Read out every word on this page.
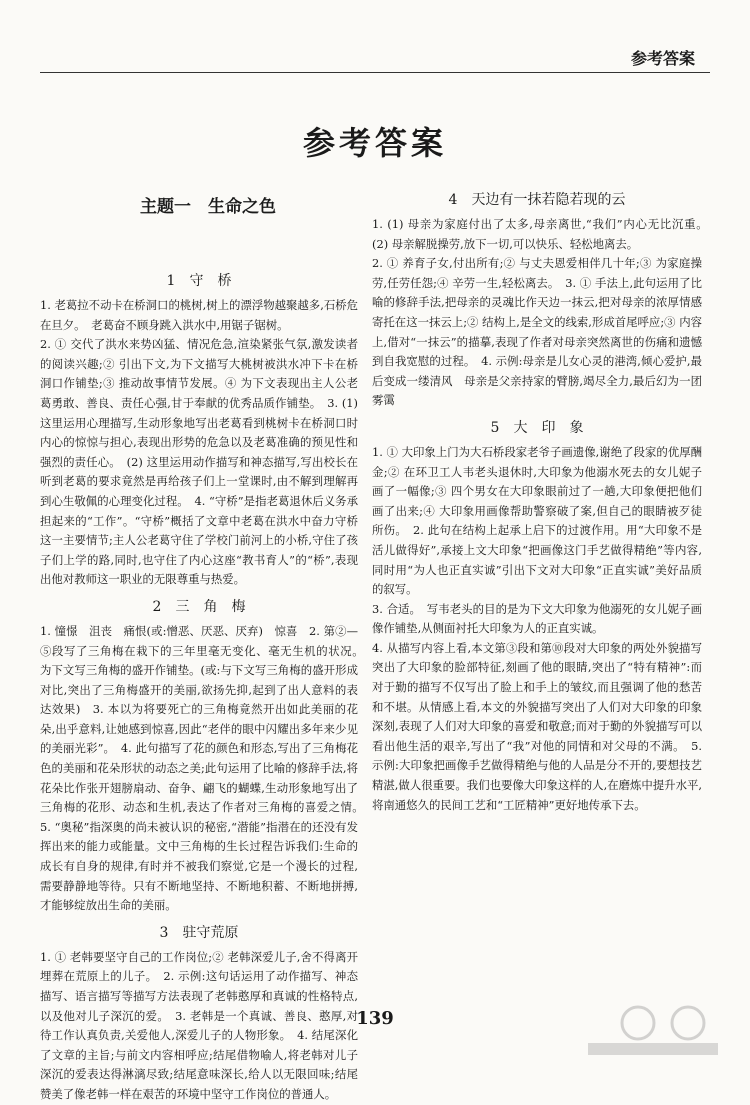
参考答案
参考答案
主题一　生命之色
1 守　桥

1. 老葛拉不动卡在桥洞口的桃树,树上的漂浮物越聚越多,石桥危在旦夕。　老葛奋不顾身跳入洪水中,用锯子锯树。

2. ① 交代了洪水来势凶猛、情况危急,渲染紧张气氛,激发读者的阅读兴趣;② 引出下文,为下文描写大桃树被洪水冲下卡在桥洞口作铺垫;③ 推动故事情节发展。④ 为下文表现出主人公老葛勇敢、善良、责任心强,甘于奉献的优秀品质作铺垫。　3. (1) 这里运用心理描写,生动形象地写出老葛看到桃树卡在桥洞口时内心的惊惊与担心,表现出形势的危急以及老葛准确的预见性和强烈的责任心。　(2) 这里运用动作描写和神态描写,写出校长在听到老葛的要求竟然是再给孩子们上一堂课时,由不解到理解再到心生敬佩的心理变化过程。　4. “守桥”是指老葛退休后义务承担起来的“工作”。“守桥”概括了文章中老葛在洪水中奋力守桥这一主要情节;主人公老葛守住了学校门前河上的小桥,守住了孩子们上学的路,同时,也守住了内心这座“教书育人”的“桥”,表现出他对教师这一职业的无限尊重与热爱。

2 三　角　梅

1. 憧憬　沮丧　痛恨(或:憎恶、厌恶、厌弃)　惊喜　2. 第②—⑤段写了三角梅在栽下的三年里毫无变化、毫无生机的状况。　为下文写三角梅的盛开作铺垫。(或:与下文写三角梅的盛开形成对比,突出了三角梅盛开的美丽,欲扬先抑,起到了出人意料的表达效果)　3. 本以为将要死亡的三角梅竟然开出如此美丽的花朵,出乎意料,让她感到惊喜,因此“老伴的眼中闪耀出多年来少见的美丽光彩”。　4. 此句描写了花的颜色和形态,写出了三角梅花色的美丽和花朵形状的动态之美;此句运用了比喻的修辞手法,将花朵比作张开翅膀扇动、奋争、翩飞的蝴蝶,生动形象地写出了三角梅的花形、动态和生机,表达了作者对三角梅的喜爱之情。　5. “奥秘”指深奥的尚未被认识的秘密,“潜能”指潜在的还没有发挥出来的能力或能量。文中三角梅的生长过程告诉我们:生命的成长有自身的规律,有时并不被我们察觉,它是一个漫长的过程,需要静静地等待。只有不断地坚持、不断地积蓄、不断地拼搏,才能够绽放出生命的美丽。

3 驻守荒原

1. ① 老韩要坚守自己的工作岗位;② 老韩深爱儿子,舍不得离开埋葬在荒原上的儿子。　2. 示例:这句话运用了动作描写、神态描写、语言描写等描写方法表现了老韩憨厚和真诚的性格特点,以及他对儿子深沉的爱。　3. 老韩是一个真诚、善良、憨厚,对待工作认真负责,关爱他人,深爱儿子的人物形象。　4. 结尾深化了文章的主旨;与前文内容相呼应;结尾借物喻人,将老韩对儿子深沉的爱表达得淋漓尽致;结尾意味深长,给人以无限回味;结尾赞美了像老韩一样在艰苦的环境中坚守工作岗位的普通人。

4 天边有一抹若隐若现的云

1. (1) 母亲为家庭付出了太多,母亲离世,“我们”内心无比沉重。　(2) 母亲解脱操劳,放下一切,可以快乐、轻松地离去。

2. ① 养育子女,付出所有;② 与丈夫恩爱相伴几十年;③ 为家庭操劳,任劳任怨;④ 辛劳一生,轻松离去。　3. ① 手法上,此句运用了比喻的修辞手法,把母亲的灵魂比作天边一抹云,把对母亲的浓厚情感寄托在这一抹云上;② 结构上,是全文的线索,形成首尾呼应;③ 内容上,借对“一抹云”的描摹,表现了作者对母亲突然离世的伤痛和遗憾到自我宽慰的过程。　4. 示例:母亲是儿女心灵的港湾,倾心爱护,最后变成一缕清风　母亲是父亲持家的臂膀,竭尽全力,最后幻为一团雾霭

5 大　印　象

1. ① 大印象上门为大石桥段家老爷子画遗像,谢绝了段家的优厚酬金;② 在环卫工人韦老头退休时,大印象为他溺水死去的女儿妮子画了一幅像;③ 四个男女在大印象眼前过了一趟,大印象便把他们画了出来;④ 大印象用画像帮助警察破了案,但自己的眼睛被歹徒所伤。　2. 此句在结构上起承上启下的过渡作用。用“大印象不是活儿做得好”,承接上文大印象“把画像这门手艺做得精绝”等内容,同时用“为人也正直实诚”引出下文对大印象“正直实诚”美好品质的叙写。

3. 合适。　写韦老头的目的是为下文大印象为他溺死的女儿妮子画像作铺垫,从侧面衬托大印象为人的正直实诚。

4. 从描写内容上看,本文第③段和第⑩段对大印象的两处外貌描写突出了大印象的脸部特征,刻画了他的眼睛,突出了“特有精神”:而对于勤的描写不仅写出了脸上和手上的皱纹,而且强调了他的愁苦和不堪。从情感上看,本文的外貌描写突出了人们对大印象的印象深刻,表现了人们对大印象的喜爱和敬意;而对于勤的外貌描写可以看出他生活的艰辛,写出了“我”对他的同情和对父母的不满。　5. 示例:大印象把画像手艺做得精绝与他的人品是分不开的,要想技艺精湛,做人很重要。我们也要像大印象这样的人,在磨炼中提升水平,将南通悠久的民间工艺和“工匠精神”更好地传承下去。

139
